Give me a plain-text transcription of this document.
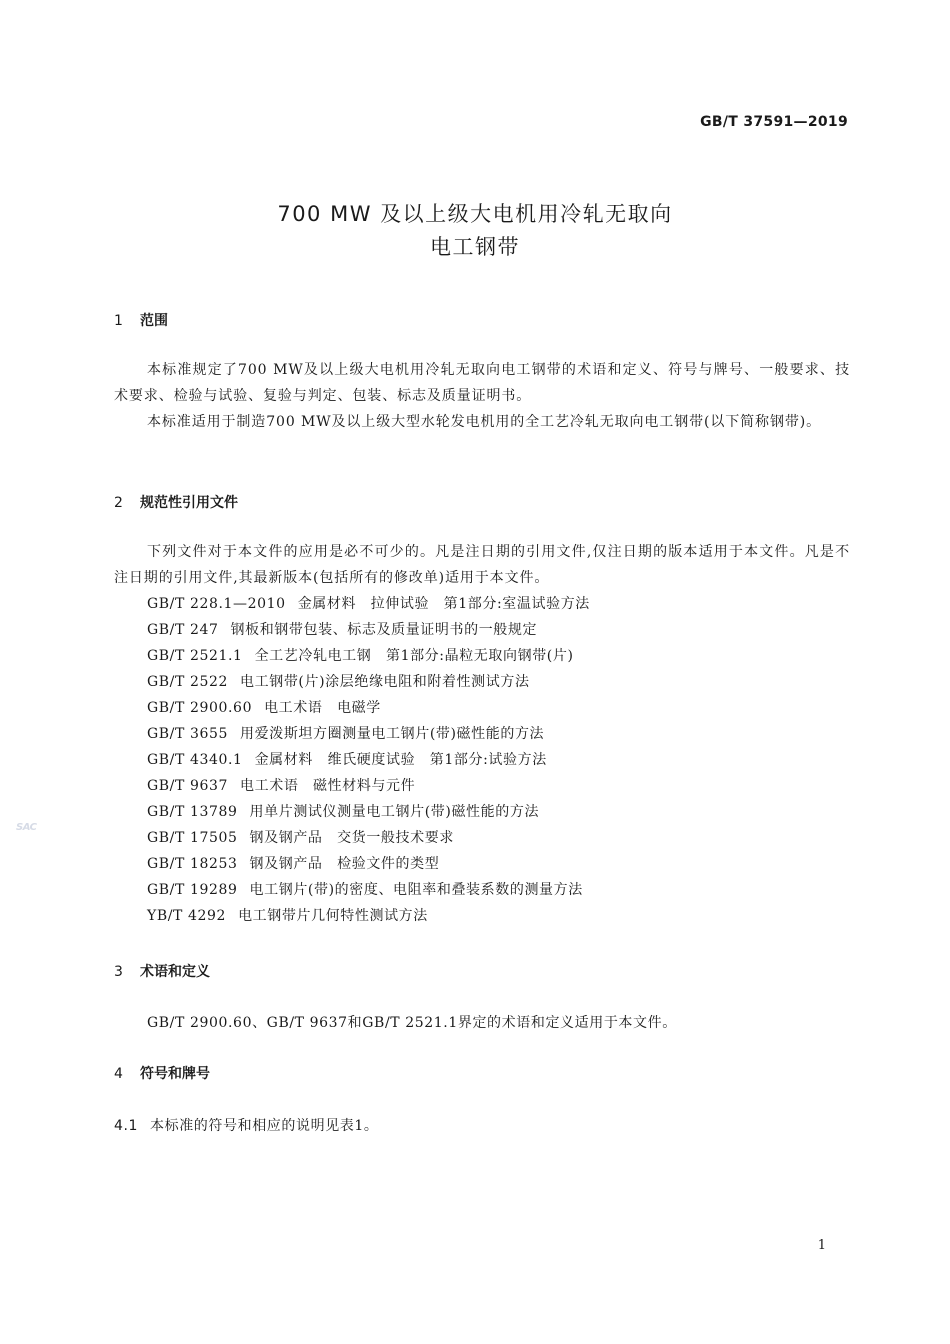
GB/T 37591—2019
700 MW 及以上级大电机用冷轧无取向
电工钢带
1 范围

本标准规定了700 MW及以上级大电机用冷轧无取向电工钢带的术语和定义、符号与牌号、一般要求、技术要求、检验与试验、复验与判定、包装、标志及质量证明书。

本标准适用于制造700 MW及以上级大型水轮发电机用的全工艺冷轧无取向电工钢带(以下简称钢带)。

2 规范性引用文件

下列文件对于本文件的应用是必不可少的。凡是注日期的引用文件,仅注日期的版本适用于本文件。凡是不注日期的引用文件,其最新版本(包括所有的修改单)适用于本文件。

GB/T 228.1—2010 金属材料　拉伸试验　第1部分:室温试验方法
GB/T 247 钢板和钢带包装、标志及质量证明书的一般规定
GB/T 2521.1 全工艺冷轧电工钢　第1部分:晶粒无取向钢带(片)
GB/T 2522 电工钢带(片)涂层绝缘电阻和附着性测试方法
GB/T 2900.60 电工术语　电磁学
GB/T 3655 用爱泼斯坦方圈测量电工钢片(带)磁性能的方法
GB/T 4340.1 金属材料　维氏硬度试验　第1部分:试验方法
GB/T 9637 电工术语　磁性材料与元件
GB/T 13789 用单片测试仪测量电工钢片(带)磁性能的方法
GB/T 17505 钢及钢产品　交货一般技术要求
GB/T 18253 钢及钢产品　检验文件的类型
GB/T 19289 电工钢片(带)的密度、电阻率和叠装系数的测量方法
YB/T 4292 电工钢带片几何特性测试方法
3 术语和定义
GB/T 2900.60、GB/T 9637和GB/T 2521.1界定的术语和定义适用于本文件。
4 符号和牌号
4.1 本标准的符号和相应的说明见表1。
1
SAC
